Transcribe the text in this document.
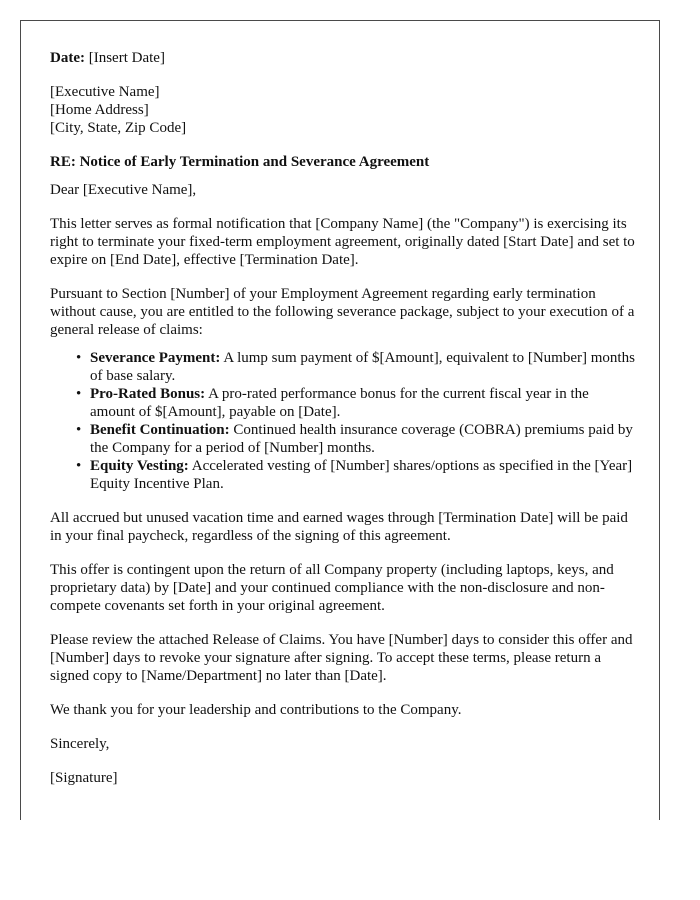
Date: [Insert Date]

[Executive Name]
[Home Address]
[City, State, Zip Code]

RE: Notice of Early Termination and Severance Agreement

Dear [Executive Name],

This letter serves as formal notification that [Company Name] (the "Company") is exercising its right to terminate your fixed-term employment agreement, originally dated [Start Date] and set to expire on [End Date], effective [Termination Date].

Pursuant to Section [Number] of your Employment Agreement regarding early termination without cause, you are entitled to the following severance package, subject to your execution of a general release of claims:

• Severance Payment: A lump sum payment of $[Amount], equivalent to [Number] months of base salary.
• Pro-Rated Bonus: A pro-rated performance bonus for the current fiscal year in the amount of $[Amount], payable on [Date].
• Benefit Continuation: Continued health insurance coverage (COBRA) premiums paid by the Company for a period of [Number] months.
• Equity Vesting: Accelerated vesting of [Number] shares/options as specified in the [Year] Equity Incentive Plan.

All accrued but unused vacation time and earned wages through [Termination Date] will be paid in your final paycheck, regardless of the signing of this agreement.

This offer is contingent upon the return of all Company property (including laptops, keys, and proprietary data) by [Date] and your continued compliance with the non-disclosure and non-compete covenants set forth in your original agreement.

Please review the attached Release of Claims. You have [Number] days to consider this offer and [Number] days to revoke your signature after signing. To accept these terms, please return a signed copy to [Name/Department] no later than [Date].

We thank you for your leadership and contributions to the Company.

Sincerely,

[Signature]
